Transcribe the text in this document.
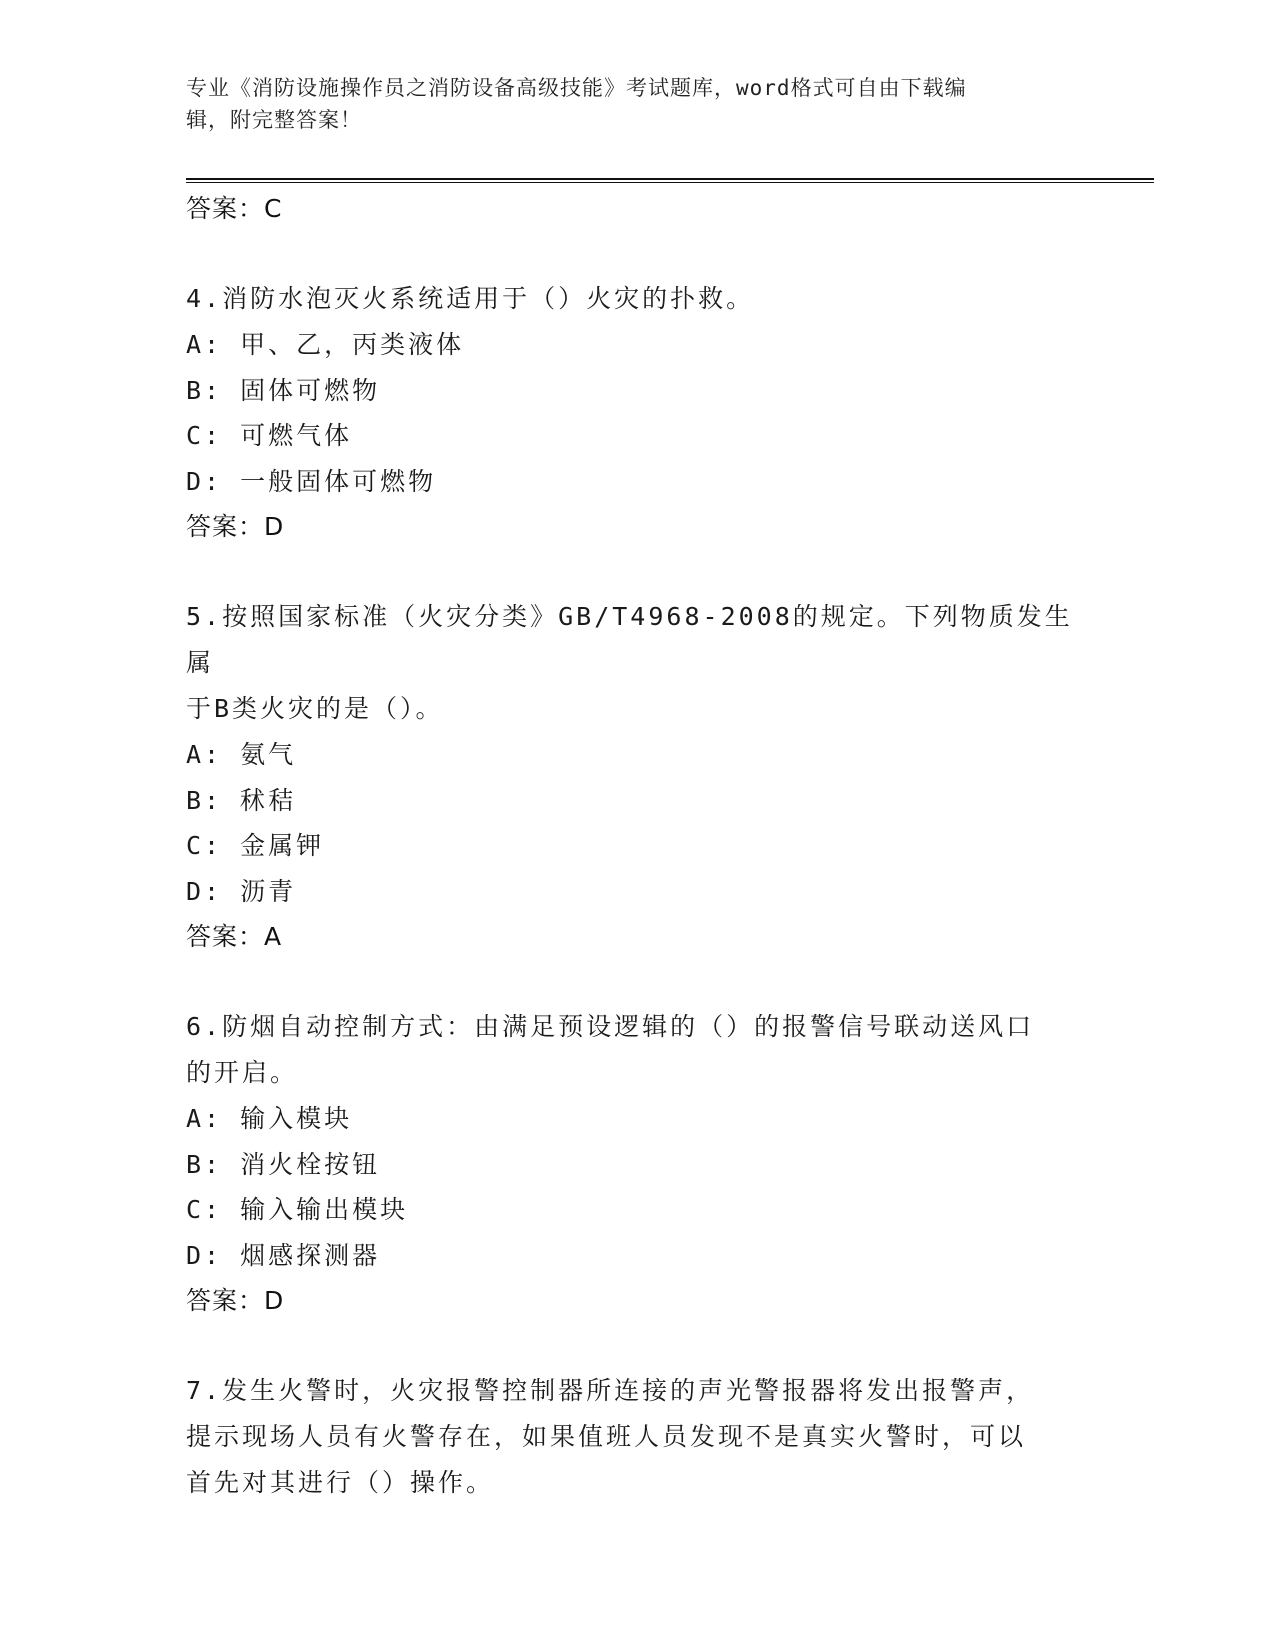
专业《消防设施操作员之消防设备高级技能》考试题库，word格式可自由下载编
辑，附完整答案！
答案：C
4.消防水泡灭火系统适用于（）火灾的扑救。
A: 甲、乙，丙类液体
B: 固体可燃物
C: 可燃气体
D: 一般固体可燃物
答案：D
5.按照国家标准（火灾分类》GB/T4968-2008的规定。下列物质发生属
于B类火灾的是（）。
A: 氨气
B: 秫秸
C: 金属钾
D: 沥青
答案：A
6.防烟自动控制方式：由满足预设逻辑的（）的报警信号联动送风口
的开启。
A: 输入模块
B: 消火栓按钮
C: 输入输出模块
D: 烟感探测器
答案：D
7.发生火警时，火灾报警控制器所连接的声光警报器将发出报警声，
提示现场人员有火警存在，如果值班人员发现不是真实火警时，可以
首先对其进行（）操作。
